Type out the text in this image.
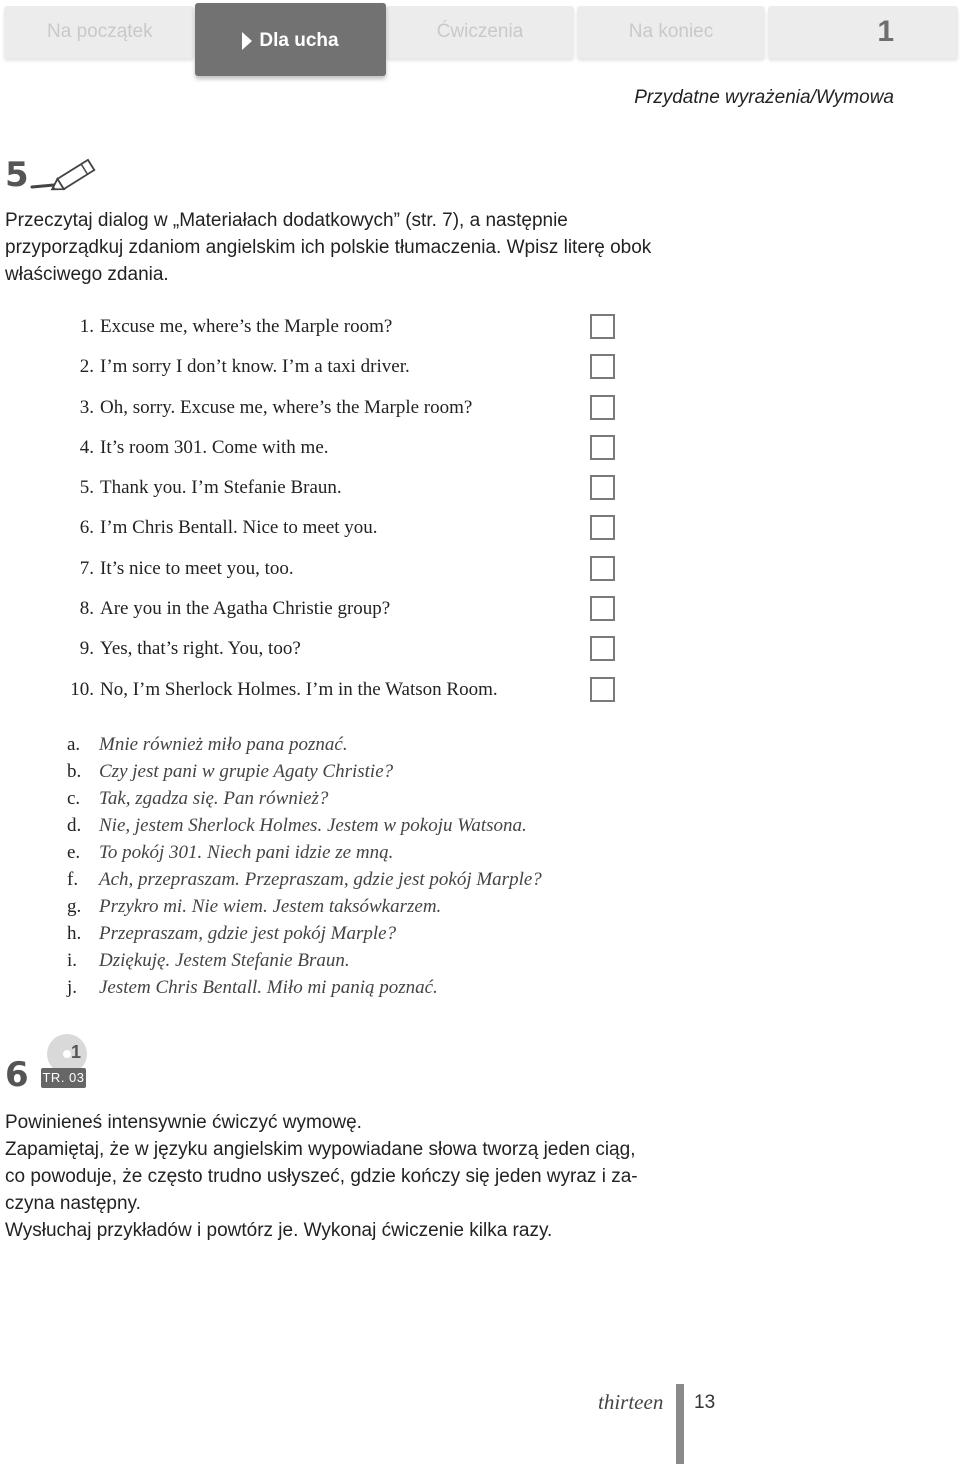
Na początek	Ćwiczenia	Na koniec	1
Dla ucha
Przydatne wyrażenia/Wymowa
5
Przeczytaj dialog w „Materiałach dodatkowych” (str. 7), a następnie przyporządkuj zdaniom angielskim ich polskie tłumaczenia. Wpisz literę obok właściwego zdania.
1. Excuse me, where’s the Marple room?
2. I’m sorry I don’t know. I’m a taxi driver.
3. Oh, sorry. Excuse me, where’s the Marple room?
4. It’s room 301. Come with me.
5. Thank you. I’m Stefanie Braun.
6. I’m Chris Bentall. Nice to meet you.
7. It’s nice to meet you, too.
8. Are you in the Agatha Christie group?
9. Yes, that’s right. You, too?
10. No, I’m Sherlock Holmes. I’m in the Watson Room.
a. Mnie również miło pana poznać.
b. Czy jest pani w grupie Agaty Christie?
c. Tak, zgadza się. Pan również?
d. Nie, jestem Sherlock Holmes. Jestem w pokoju Watsona.
e. To pokój 301. Niech pani idzie ze mną.
f. Ach, przepraszam. Przepraszam, gdzie jest pokój Marple?
g. Przykro mi. Nie wiem. Jestem taksówkarzem.
h. Przepraszam, gdzie jest pokój Marple?
i. Dziękuję. Jestem Stefanie Braun.
j. Jestem Chris Bentall. Miło mi panią poznać.
6
1
TR. 03
Powinieneś intensywnie ćwiczyć wymowę.
Zapamiętaj, że w języku angielskim wypowiadane słowa tworzą jeden ciąg,
co powoduje, że często trudno usłyszeć, gdzie kończy się jeden wyraz i za-
czyna następny.
Wysłuchaj przykładów i powtórz je. Wykonaj ćwiczenie kilka razy.
thirteen 13
